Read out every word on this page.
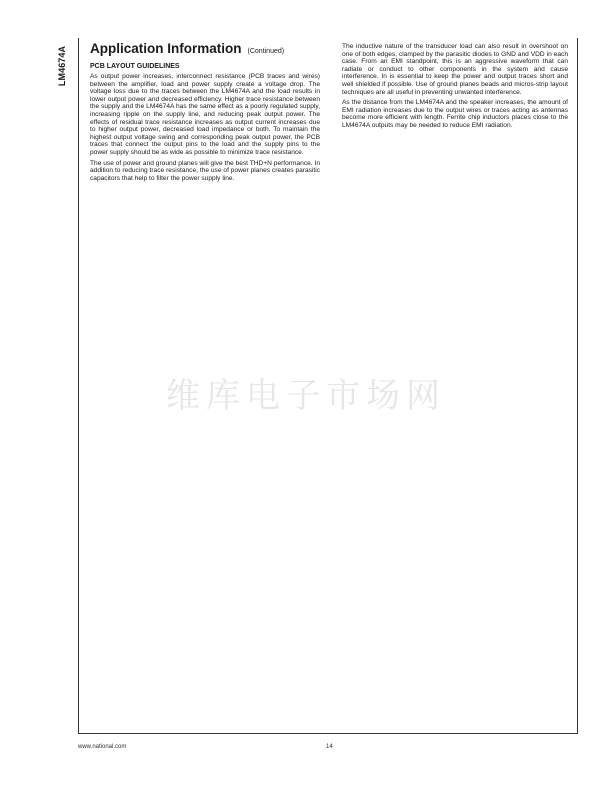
LM4674A Application Information (Continued)
PCB LAYOUT GUIDELINES

As output power increases, interconnect resistance (PCB traces and wires) between the amplifier, load and power supply create a voltage drop. The voltage loss due to the traces between the LM4674A and the load results in lower output power and decreased efficiency. Higher trace resistance between the supply and the LM4674A has the same effect as a poorly regulated supply, increasing ripple on the supply line, and reducing peak output power. The effects of residual trace resistance increases as output current increases due to higher output power, decreased load impedance or both. To maintain the highest output voltage swing and corresponding peak output power, the PCB traces that connect the output pins to the load and the supply pins to the power supply should be as wide as possible to minimize trace resistance.

The use of power and ground planes will give the best THD+N performance. In addition to reducing trace resistance, the use of power planes creates parasitic capacitors that help to filter the power supply line.

The inductive nature of the transducer load can also result in overshoot on one of both edges, clamped by the parasitic diodes to GND and VDD in each case. From an EMI standpoint, this is an aggressive waveform that can radiate or conduct to other components in the system and cause interference. In is essential to keep the power and output traces short and well shielded if possible. Use of ground planes beads and micros-strip layout techniques are all useful in preventing unwanted interference.

As the distance from the LM4674A and the speaker increases, the amount of EMI radiation increases due to the output wires or traces acting as antennas become more efficient with length. Ferrite chip inductors places close to the LM4674A outputs may be needed to reduce EMI radiation.

维库电子市场网
www.national.com	14
